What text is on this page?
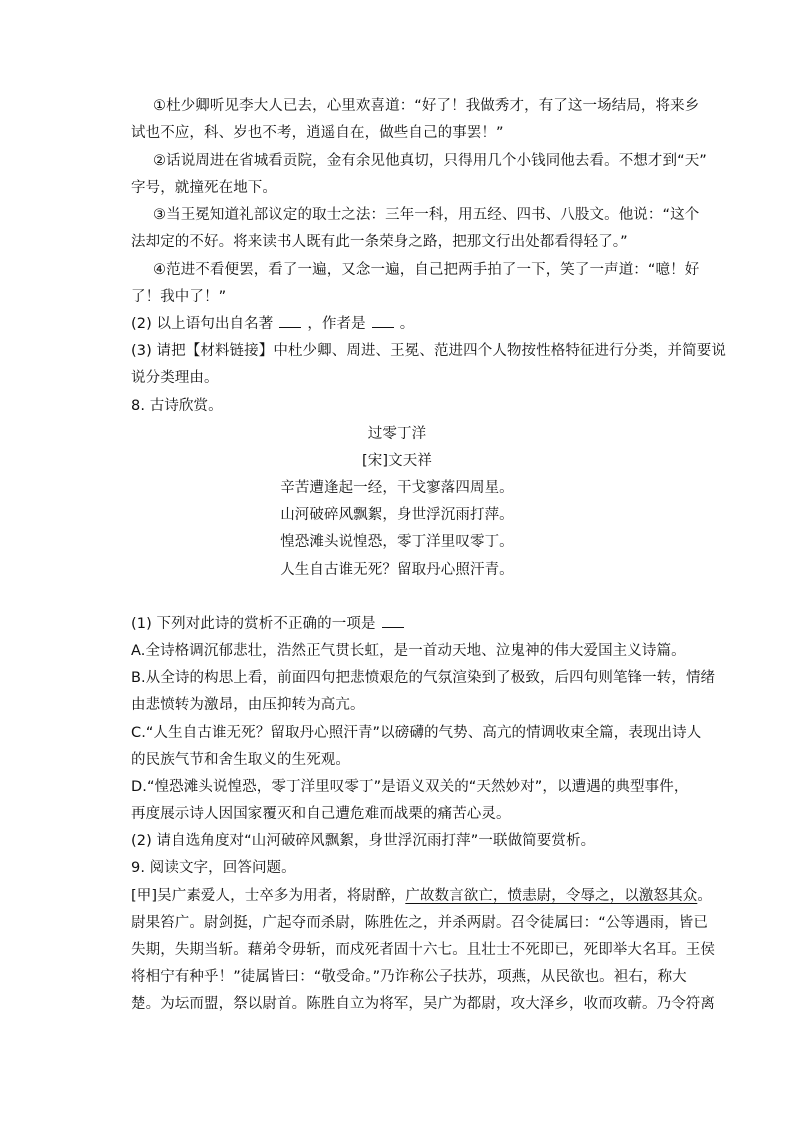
①杜少卿听见李大人已去，心里欢喜道：“好了！我做秀才，有了这一场结局，将来乡
试也不应，科、岁也不考，逍遥自在，做些自己的事罢！”
②话说周进在省城看贡院，金有余见他真切，只得用几个小钱同他去看。不想才到“天”
字号，就撞死在地下。
③当王冕知道礼部议定的取士之法：三年一科，用五经、四书、八股文。他说：“这个
法却定的不好。将来读书人既有此一条荣身之路，把那文行出处都看得轻了。”
④范进不看便罢，看了一遍，又念一遍，自己把两手拍了一下，笑了一声道：“噫！好
了！我中了！”
(2) 以上语句出自名著 ，作者是 。
(3) 请把【材料链接】中杜少卿、周进、王冕、范进四个人物按性格特征进行分类，并简要说
说分类理由。
8. 古诗欣赏。
过零丁洋
[宋]文天祥
辛苦遭逢起一经，干戈寥落四周星。
山河破碎风飘絮，身世浮沉雨打萍。
惶恐滩头说惶恐，零丁洋里叹零丁。
人生自古谁无死？留取丹心照汗青。
(1) 下列对此诗的赏析不正确的一项是
A.全诗格调沉郁悲壮，浩然正气贯长虹，是一首动天地、泣鬼神的伟大爱国主义诗篇。
B.从全诗的构思上看，前面四句把悲愤艰危的气氛渲染到了极致，后四句则笔锋一转，情绪
由悲愤转为激昂，由压抑转为高亢。
C.“人生自古谁无死？留取丹心照汗青”以磅礴的气势、高亢的情调收束全篇，表现出诗人
的民族气节和舍生取义的生死观。
D.“惶恐滩头说惶恐，零丁洋里叹零丁”是语义双关的“天然妙对”，以遭遇的典型事件，
再度展示诗人因国家覆灭和自己遭危难而战栗的痛苦心灵。
(2) 请自选角度对“山河破碎风飘絮，身世浮沉雨打萍”一联做简要赏析。
9. 阅读文字，回答问题。
[甲]吴广素爱人，士卒多为用者，将尉醉，广故数言欲亡，愤恚尉，令辱之，以激怒其众。
尉果笞广。尉剑挺，广起夺而杀尉，陈胜佐之，并杀两尉。召令徒属曰：“公等遇雨，皆已
失期，失期当斩。藉弟令毋斩，而戍死者固十六七。且壮士不死即已，死即举大名耳。王侯
将相宁有种乎！”徒属皆曰：“敬受命。”乃诈称公子扶苏，项燕，从民欲也。袒右，称大
楚。为坛而盟，祭以尉首。陈胜自立为将军，吴广为都尉，攻大泽乡，收而攻蕲。乃令符离
